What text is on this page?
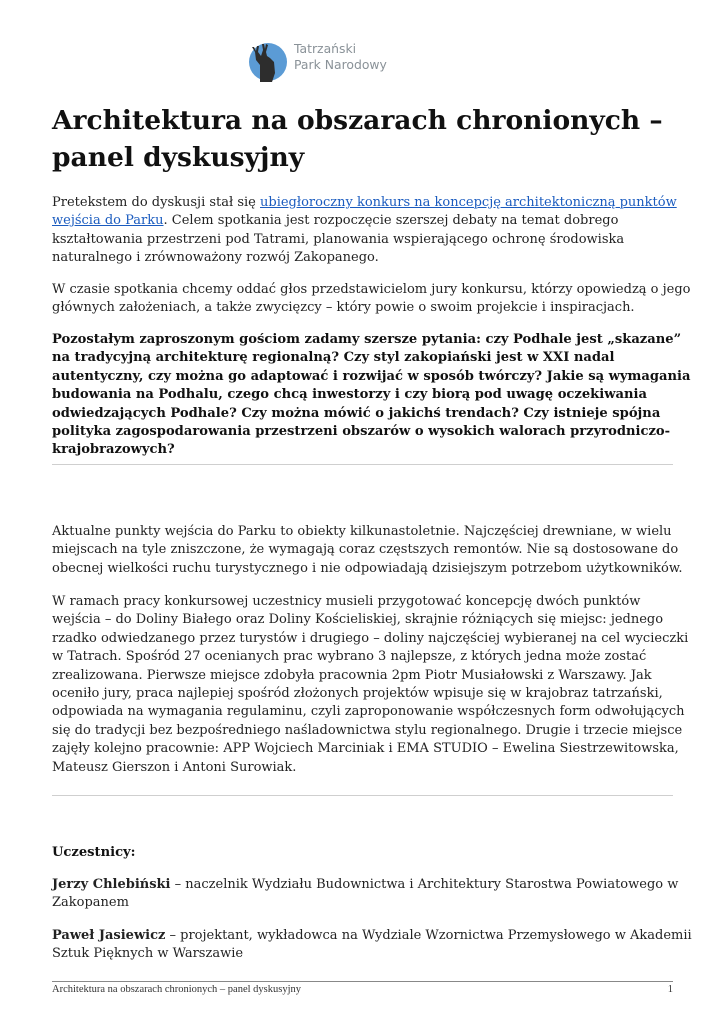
Tatrzański
Park Narodowy
Architektura na obszarach chronionych – panel dyskusyjny

Pretekstem do dyskusji stał się ubiegłoroczny konkurs na koncepcję architektoniczną punktów wejścia do Parku. Celem spotkania jest rozpoczęcie szerszej debaty na temat dobrego kształtowania przestrzeni pod Tatrami, planowania wspierającego ochronę środowiska naturalnego i zrównoważony rozwój Zakopanego.

W czasie spotkania chcemy oddać głos przedstawicielom jury konkursu, którzy opowiedzą o jego głównych założeniach, a także zwycięzcy – który powie o swoim projekcie i inspiracjach.

Pozostałym zaproszonym gościom zadamy szersze pytania: czy Podhale jest „skazane” na tradycyjną architekturę regionalną? Czy styl zakopiański jest w XXI nadal autentyczny, czy można go adaptować i rozwijać w sposób twórczy? Jakie są wymagania budowania na Podhalu, czego chcą inwestorzy i czy biorą pod uwagę oczekiwania odwiedzających Podhale? Czy można mówić o jakichś trendach? Czy istnieje spójna polityka zagospodarowania przestrzeni obszarów o wysokich walorach przyrodniczo-krajobrazowych?

Aktualne punkty wejścia do Parku to obiekty kilkunastoletnie. Najczęściej drewniane, w wielu miejscach na tyle zniszczone, że wymagają coraz częstszych remontów. Nie są dostosowane do obecnej wielkości ruchu turystycznego i nie odpowiadają dzisiejszym potrzebom użytkowników.

W ramach pracy konkursowej uczestnicy musieli przygotować koncepcję dwóch punktów wejścia – do Doliny Białego oraz Doliny Kościeliskiej, skrajnie różniących się miejsc: jednego rzadko odwiedzanego przez turystów i drugiego – doliny najczęściej wybieranej na cel wycieczki w Tatrach. Spośród 27 ocenianych prac wybrano 3 najlepsze, z których jedna może zostać zrealizowana. Pierwsze miejsce zdobyła pracownia 2pm Piotr Musiałowski z Warszawy. Jak oceniło jury, praca najlepiej spośród złożonych projektów wpisuje się w krajobraz tatrzański, odpowiada na wymagania regulaminu, czyli zaproponowanie współczesnych form odwołujących się do tradycji bez bezpośredniego naśladownictwa stylu regionalnego. Drugie i trzecie miejsce zajęły kolejno pracownie: APP Wojciech Marciniak i EMA STUDIO – Ewelina Siestrzewitowska, Mateusz Gierszon i Antoni Surowiak.

Uczestnicy:

Jerzy Chlebiński – naczelnik Wydziału Budownictwa i Architektury Starostwa Powiatowego w Zakopanem

Paweł Jasiewicz – projektant, wykładowca na Wydziale Wzornictwa Przemysłowego w Akademii Sztuk Pięknych w Warszawie

Architektura na obszarach chronionych – panel dyskusyjny	1
